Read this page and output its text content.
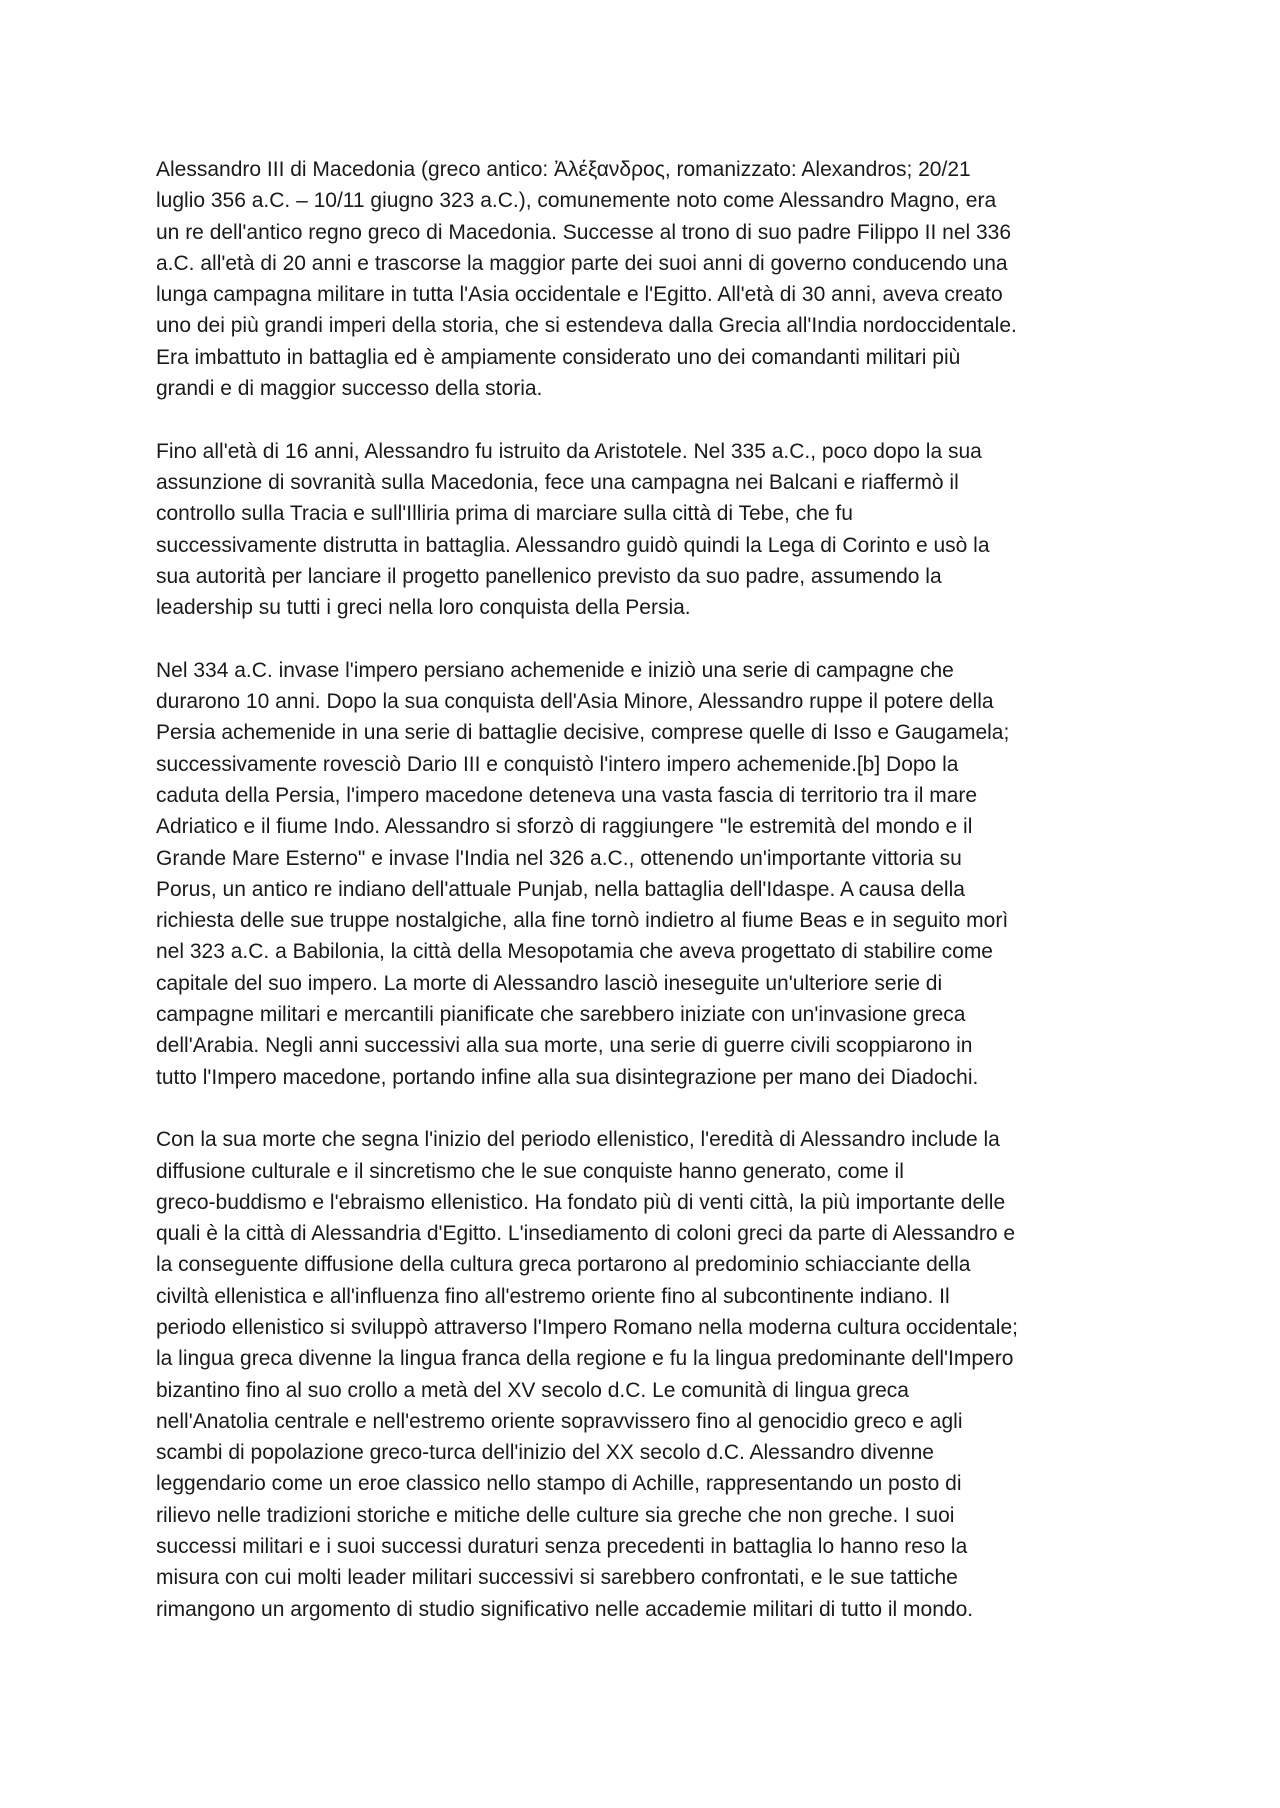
Alessandro III di Macedonia (greco antico: Ἀλέξανδρος, romanizzato: Alexandros; 20/21
luglio 356 a.C. – 10/11 giugno 323 a.C.), comunemente noto come Alessandro Magno, era
un re dell'antico regno greco di Macedonia. Successe al trono di suo padre Filippo II nel 336
a.C. all'età di 20 anni e trascorse la maggior parte dei suoi anni di governo conducendo una
lunga campagna militare in tutta l'Asia occidentale e l'Egitto. All'età di 30 anni, aveva creato
uno dei più grandi imperi della storia, che si estendeva dalla Grecia all'India nordoccidentale.
Era imbattuto in battaglia ed è ampiamente considerato uno dei comandanti militari più
grandi e di maggior successo della storia.

Fino all'età di 16 anni, Alessandro fu istruito da Aristotele. Nel 335 a.C., poco dopo la sua
assunzione di sovranità sulla Macedonia, fece una campagna nei Balcani e riaffermò il
controllo sulla Tracia e sull'Illiria prima di marciare sulla città di Tebe, che fu
successivamente distrutta in battaglia. Alessandro guidò quindi la Lega di Corinto e usò la
sua autorità per lanciare il progetto panellenico previsto da suo padre, assumendo la
leadership su tutti i greci nella loro conquista della Persia.

Nel 334 a.C. invase l'impero persiano achemenide e iniziò una serie di campagne che
durarono 10 anni. Dopo la sua conquista dell'Asia Minore, Alessandro ruppe il potere della
Persia achemenide in una serie di battaglie decisive, comprese quelle di Isso e Gaugamela;
successivamente rovesciò Dario III e conquistò l'intero impero achemenide.[b] Dopo la
caduta della Persia, l'impero macedone deteneva una vasta fascia di territorio tra il mare
Adriatico e il fiume Indo. Alessandro si sforzò di raggiungere "le estremità del mondo e il
Grande Mare Esterno" e invase l'India nel 326 a.C., ottenendo un'importante vittoria su
Porus, un antico re indiano dell'attuale Punjab, nella battaglia dell'Idaspe. A causa della
richiesta delle sue truppe nostalgiche, alla fine tornò indietro al fiume Beas e in seguito morì
nel 323 a.C. a Babilonia, la città della Mesopotamia che aveva progettato di stabilire come
capitale del suo impero. La morte di Alessandro lasciò ineseguite un'ulteriore serie di
campagne militari e mercantili pianificate che sarebbero iniziate con un'invasione greca
dell'Arabia. Negli anni successivi alla sua morte, una serie di guerre civili scoppiarono in
tutto l'Impero macedone, portando infine alla sua disintegrazione per mano dei Diadochi.

Con la sua morte che segna l'inizio del periodo ellenistico, l'eredità di Alessandro include la
diffusione culturale e il sincretismo che le sue conquiste hanno generato, come il
greco-buddismo e l'ebraismo ellenistico. Ha fondato più di venti città, la più importante delle
quali è la città di Alessandria d'Egitto. L'insediamento di coloni greci da parte di Alessandro e
la conseguente diffusione della cultura greca portarono al predominio schiacciante della
civiltà ellenistica e all'influenza fino all'estremo oriente fino al subcontinente indiano. Il
periodo ellenistico si sviluppò attraverso l'Impero Romano nella moderna cultura occidentale;
la lingua greca divenne la lingua franca della regione e fu la lingua predominante dell'Impero
bizantino fino al suo crollo a metà del XV secolo d.C. Le comunità di lingua greca
nell'Anatolia centrale e nell'estremo oriente sopravvissero fino al genocidio greco e agli
scambi di popolazione greco-turca dell'inizio del XX secolo d.C. Alessandro divenne
leggendario come un eroe classico nello stampo di Achille, rappresentando un posto di
rilievo nelle tradizioni storiche e mitiche delle culture sia greche che non greche. I suoi
successi militari e i suoi successi duraturi senza precedenti in battaglia lo hanno reso la
misura con cui molti leader militari successivi si sarebbero confrontati, e le sue tattiche
rimangono un argomento di studio significativo nelle accademie militari di tutto il mondo.
